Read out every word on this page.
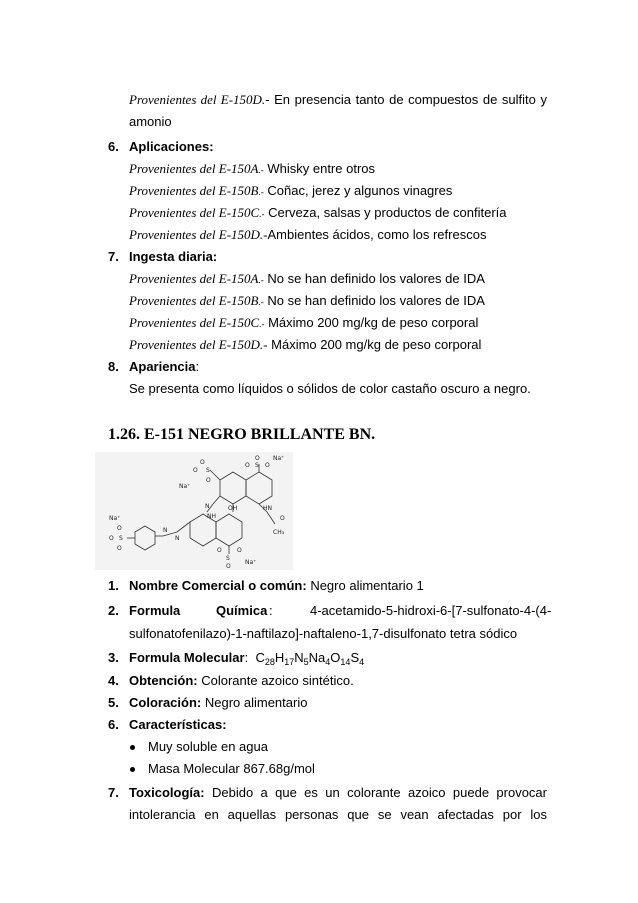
Provenientes del E-150D.- En presencia tanto de compuestos de sulfito y
amonio
6. Aplicaciones:
Provenientes del E-150A.- Whisky entre otros
Provenientes del E-150B.- Coñac, jerez y algunos vinagres
Provenientes del E-150C.- Cerveza, salsas y productos de confitería
Provenientes del E-150D.-Ambientes ácidos, como los refrescos
7. Ingesta diaria:
Provenientes del E-150A.- No se han definido los valores de IDA
Provenientes del E-150B.- No se han definido los valores de IDA
Provenientes del E-150C.- Máximo 200 mg/kg de peso corporal
Provenientes del E-150D.- Máximo 200 mg/kg de peso corporal
8. Apariencia:
Se presenta como líquidos o sólidos de color castaño oscuro a negro.
1.26. E-151 NEGRO BRILLANTE BN.
O
Na⁺
O S
O
O
S
O
Na⁺
O
OH
N
NH
HN
O
CH₃
Na⁺
O
S
O
O
N
N
O
S
O
O
Na⁺
1. Nombre Comercial o común: Negro alimentario 1
2. Formula	Química :	4-acetamido-5-hidroxi-6-[7-sulfonato-4-(4-
sulfonatofenilazo)-1-naftilazo]-naftaleno-1,7-disulfonato tetra sódico
3. Formula Molecular: $C_{28}H_{17}N_5Na_4O_{14}S_4$
4. Obtención: Colorante azoico sintético.
5. Coloración: Negro alimentario
6. Características:
Muy soluble en agua
Masa Molecular 867.68g/mol
7. Toxicología: Debido a que es un colorante azoico puede provocar
intolerancia en aquellas personas que se vean afectadas por los
